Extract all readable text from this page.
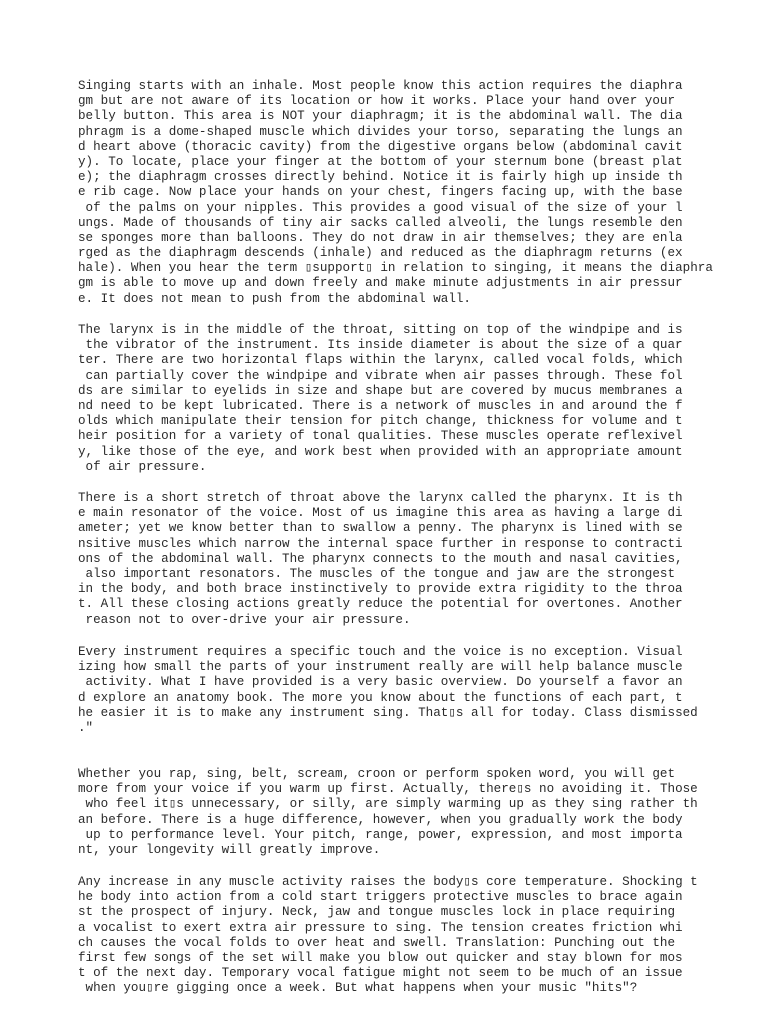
Singing starts with an inhale. Most people know this action requires the diaphra
gm but are not aware of its location or how it works. Place your hand over your
belly button. This area is NOT your diaphragm; it is the abdominal wall. The dia
phragm is a dome-shaped muscle which divides your torso, separating the lungs an
d heart above (thoracic cavity) from the digestive organs below (abdominal cavit
y). To locate, place your finger at the bottom of your sternum bone (breast plat
e); the diaphragm crosses directly behind. Notice it is fairly high up inside th
e rib cage. Now place your hands on your chest, fingers facing up, with the base
of the palms on your nipples. This provides a good visual of the size of your l
ungs. Made of thousands of tiny air sacks called alveoli, the lungs resemble den
se sponges more than balloons. They do not draw in air themselves; they are enla
rged as the diaphragm descends (inhale) and reduced as the diaphragm returns (ex
hale). When you hear the term ▯support▯ in relation to singing, it means the diaphra
gm is able to move up and down freely and make minute adjustments in air pressur
e. It does not mean to push from the abdominal wall.
The larynx is in the middle of the throat, sitting on top of the windpipe and is
the vibrator of the instrument. Its inside diameter is about the size of a quar
ter. There are two horizontal flaps within the larynx, called vocal folds, which
can partially cover the windpipe and vibrate when air passes through. These fol
ds are similar to eyelids in size and shape but are covered by mucus membranes a
nd need to be kept lubricated. There is a network of muscles in and around the f
olds which manipulate their tension for pitch change, thickness for volume and t
heir position for a variety of tonal qualities. These muscles operate reflexivel
y, like those of the eye, and work best when provided with an appropriate amount
of air pressure.
There is a short stretch of throat above the larynx called the pharynx. It is th
e main resonator of the voice. Most of us imagine this area as having a large di
ameter; yet we know better than to swallow a penny. The pharynx is lined with se
nsitive muscles which narrow the internal space further in response to contracti
ons of the abdominal wall. The pharynx connects to the mouth and nasal cavities,
also important resonators. The muscles of the tongue and jaw are the strongest
in the body, and both brace instinctively to provide extra rigidity to the throa
t. All these closing actions greatly reduce the potential for overtones. Another
reason not to over-drive your air pressure.
Every instrument requires a specific touch and the voice is no exception. Visual
izing how small the parts of your instrument really are will help balance muscle
activity. What I have provided is a very basic overview. Do yourself a favor an
d explore an anatomy book. The more you know about the functions of each part, t
he easier it is to make any instrument sing. That▯s all for today. Class dismissed
."
Whether you rap, sing, belt, scream, croon or perform spoken word, you will get
more from your voice if you warm up first. Actually, there▯s no avoiding it. Those
who feel it▯s unnecessary, or silly, are simply warming up as they sing rather th
an before. There is a huge difference, however, when you gradually work the body
up to performance level. Your pitch, range, power, expression, and most importa
nt, your longevity will greatly improve.
Any increase in any muscle activity raises the body▯s core temperature. Shocking t
he body into action from a cold start triggers protective muscles to brace again
st the prospect of injury. Neck, jaw and tongue muscles lock in place requiring
a vocalist to exert extra air pressure to sing. The tension creates friction whi
ch causes the vocal folds to over heat and swell. Translation: Punching out the
first few songs of the set will make you blow out quicker and stay blown for mos
t of the next day. Temporary vocal fatigue might not seem to be much of an issue
when you▯re gigging once a week. But what happens when your music "hits"?
